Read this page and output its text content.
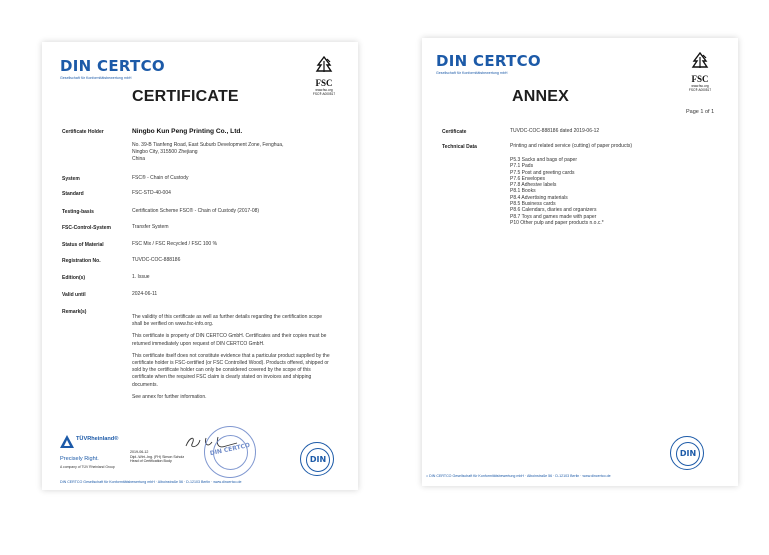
DIN CERTCO
Gesellschaft für Konformitätsbewertung mbH	FSC
www.fsc.org
FSC® A000517
CERTIFICATE
Certificate Holder	Ningbo Kun Peng Printing Co., Ltd.
No. 39-B Tianfeng Road, East Suburb Development Zone, Fenghua,
Ningbo City, 315500 Zhejiang
China
System	FSC® - Chain of Custody
Standard	FSC-STD-40-004
Testing-basis	Certification Scheme FSC® - Chain of Custody (2017-08)
FSC-Control-System	Transfer System
Status of Material	FSC Mix / FSC Recycled / FSC 100 %
Registration No.	TUVDC-COC-888186
Edition(s)	1. Issue
Valid until	2024-06-11
Remark(s)
The validity of this certificate as well as further details regarding the certification scope shall be verified on www.fsc-info.org.
This certificate is property of DIN CERTCO GmbH. Certificates and their copies must be returned immediately upon request of DIN CERTCO GmbH.
This certificate itself does not constitute evidence that a particular product supplied by the certificate holder is FSC-certified (or FSC Controlled Wood). Products offered, shipped or sold by the certificate holder can only be considered covered by the scope of this certificate when the required FSC claim is clearly stated on invoices and shipping documents.
See annex for further information.
TÜVRheinland®
Precisely Right.
A company of TÜV Rheinland Group
2019-06-12
Dipl.-Wirt.-Ing. (FH) Simon Scholz
Head of Certification Body
DIN CERTCO
DIN
DIN CERTCO Gesellschaft für Konformitätsbewertung mbH · Alboinstraße 56 · D-12103 Berlin · www.dincertco.de
DIN CERTCO
Gesellschaft für Konformitätsbewertung mbH
FSC
www.fsc.org
FSC® A000517
ANNEX
Page 1 of 1
Certificate	TUVDC-COC-888186 dated 2019-06-12
Technical Data	Printing and related service (cutting) of paper products)
P5.3 Sacks and bags of paper
P7.1 Pads
P7.5 Post and greeting cards
P7.6 Envelopes
P7.8 Adhesive labels
P8.1 Books
P8.4 Advertising materials
P8.5 Business cards
P8.6 Calendars, diaries and organizers
P8.7 Toys and games made with paper
P10 Other pulp and paper products n.o.c.*
DIN
⌂ DIN CERTCO Gesellschaft für Konformitätsbewertung mbH · Alboinstraße 56 · D-12103 Berlin · www.dincertco.de
